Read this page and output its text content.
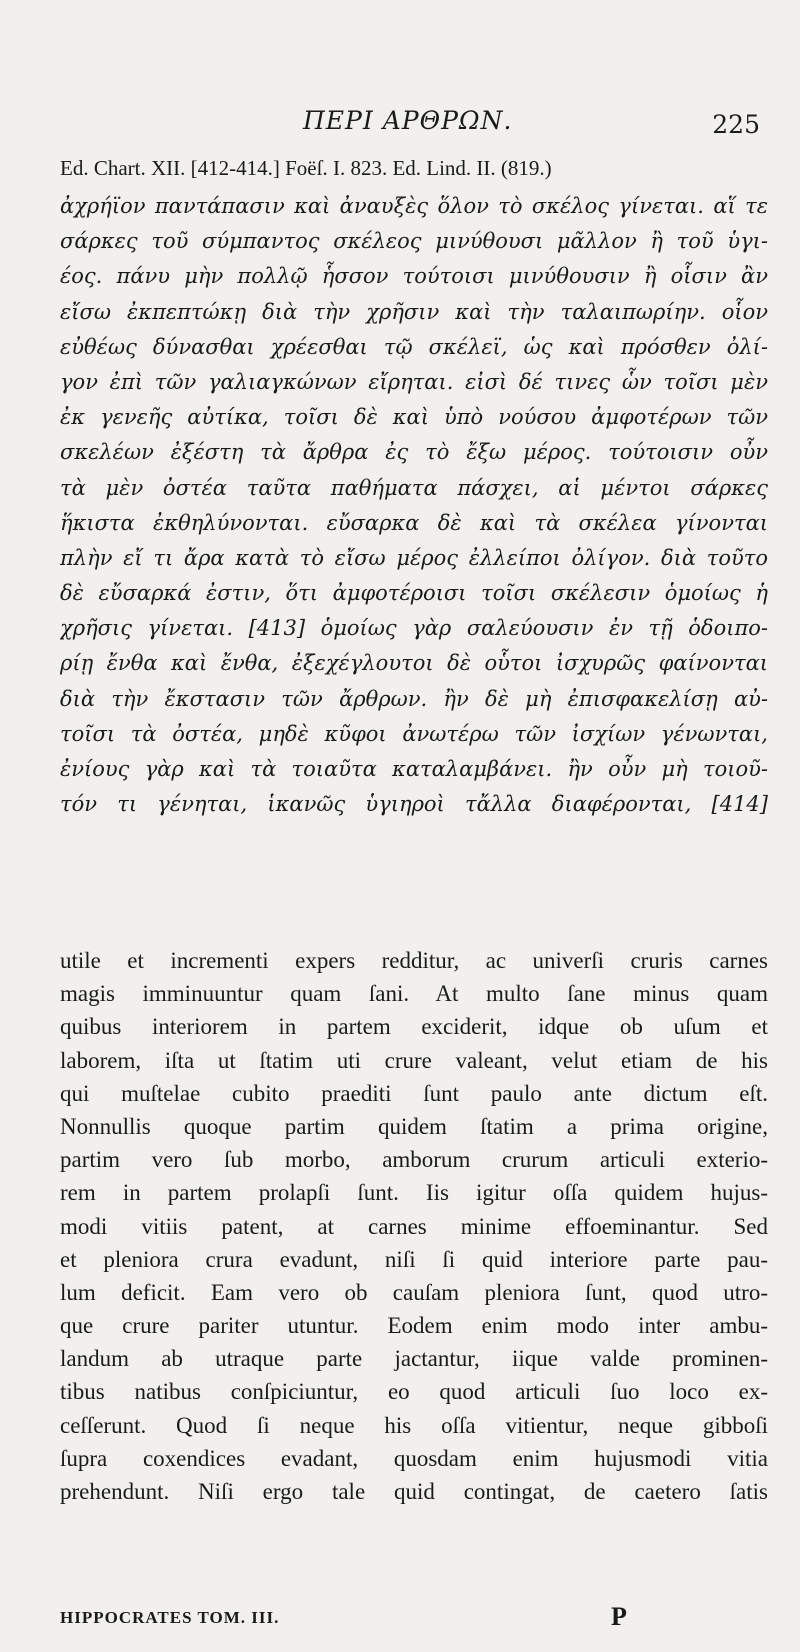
ΠΕΡΙ ΑΡΘΡΩΝ.	225
Ed. Chart. XII. [412-414.] Foëſ. I. 823. Ed. Lind. II. (819.)
ἀχρήϊον παντάπασιν καὶ ἀναυξὲς ὅλον τὸ σκέλος γίνεται. αἵ τε
σάρκες τοῦ σύμπαντος σκέλεος μινύθουσι μᾶλλον ἢ τοῦ ὑγι-
έος. πάνυ μὴν πολλῷ ἧσσον τούτοισι μινύθουσιν ἢ οἷσιν ἂν
εἴσω ἐκπεπτώκῃ διὰ τὴν χρῆσιν καὶ τὴν ταλαιπωρίην. οἷον
εὐθέως δύνασθαι χρέεσθαι τῷ σκέλεϊ, ὡς καὶ πρόσθεν ὀλί-
γον ἐπὶ τῶν γαλιαγκώνων εἴρηται. εἰσὶ δέ τινες ὧν τοῖσι μὲν
ἐκ γενεῆς αὐτίκα, τοῖσι δὲ καὶ ὑπὸ νούσου ἀμφοτέρων τῶν
σκελέων ἐξέστη τὰ ἄρθρα ἐς τὸ ἔξω μέρος. τούτοισιν οὖν
τὰ μὲν ὀστέα ταῦτα παθήματα πάσχει, αἱ μέντοι σάρκες
ἥκιστα ἐκθηλύνονται. εὔσαρκα δὲ καὶ τὰ σκέλεα γίνονται
πλὴν εἴ τι ἄρα κατὰ τὸ εἴσω μέρος ἐλλείποι ὀλίγον. διὰ τοῦτο
δὲ εὔσαρκά ἐστιν, ὅτι ἀμφοτέροισι τοῖσι σκέλεσιν ὁμοίως ἡ
χρῆσις γίνεται. [413] ὁμοίως γὰρ σαλεύουσιν ἐν τῇ ὁδοιπο-
ρίῃ ἔνθα καὶ ἔνθα, ἐξεχέγλουτοι δὲ οὗτοι ἰσχυρῶς φαίνονται
διὰ τὴν ἔκστασιν τῶν ἄρθρων. ἢν δὲ μὴ ἐπισφακελίσῃ αὐ-
τοῖσι τὰ ὀστέα, μηδὲ κῦφοι ἀνωτέρω τῶν ἰσχίων γένωνται,
ἐνίους γὰρ καὶ τὰ τοιαῦτα καταλαμβάνει. ἢν οὖν μὴ τοιοῦ-
τόν τι γένηται, ἱκανῶς ὑγιηροὶ τἄλλα διαφέρονται, [414]
utile et incrementi expers redditur, ac univerſi cruris carnes
magis imminuuntur quam ſani. At multo ſane minus quam
quibus interiorem in partem exciderit, idque ob uſum et
laborem, iſta ut ſtatim uti crure valeant, velut etiam de his
qui muſtelae cubito praediti ſunt paulo ante dictum eſt.
Nonnullis quoque partim quidem ſtatim a prima origine,
partim vero ſub morbo, amborum crurum articuli exterio-
rem in partem prolapſi ſunt. Iis igitur oſſa quidem hujus-
modi vitiis patent, at carnes minime effoeminantur. Sed
et pleniora crura evadunt, niſi ſi quid interiore parte pau-
lum deficit. Eam vero ob cauſam pleniora ſunt, quod utro-
que crure pariter utuntur. Eodem enim modo inter ambu-
landum ab utraque parte jactantur, iique valde prominen-
tibus natibus conſpiciuntur, eo quod articuli ſuo loco ex-
ceſſerunt. Quod ſi neque his oſſa vitientur, neque gibboſi
ſupra coxendices evadant, quosdam enim hujusmodi vitia
prehendunt. Niſi ergo tale quid contingat, de caetero ſatis
HIPPOCRATES TOM. III.	P
